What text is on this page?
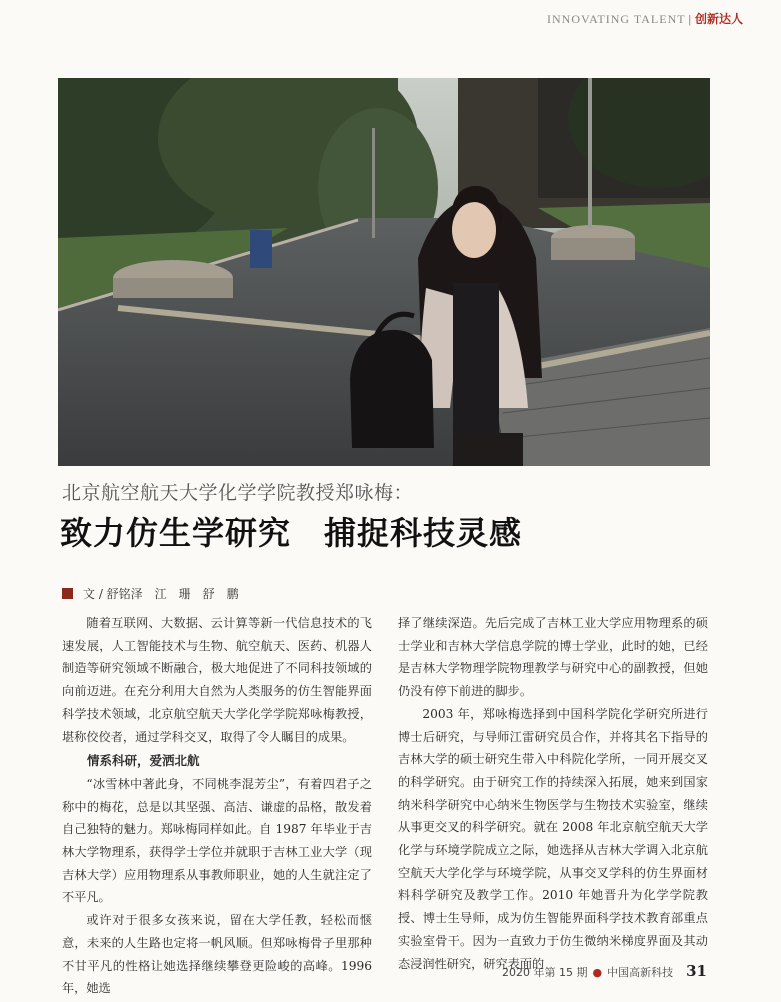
INNOVATING TALENT | 创新达人
北京航空航天大学化学学院教授郑咏梅：
致力仿生学研究　捕捉科技灵感
文 / 舒铭泽　江　珊　舒　鹏

随着互联网、大数据、云计算等新一代信息技术的飞速发展，人工智能技术与生物、航空航天、医药、机器人制造等研究领域不断融合，极大地促进了不同科技领域的向前迈进。在充分利用大自然为人类服务的仿生智能界面科学技术领域，北京航空航天大学化学学院郑咏梅教授，堪称佼佼者，通过学科交叉，取得了令人瞩目的成果。

情系科研，爱洒北航

“冰雪林中著此身，不同桃李混芳尘”，有着四君子之称中的梅花，总是以其坚强、高洁、谦虚的品格，散发着自己独特的魅力。郑咏梅同样如此。自 1987 年毕业于吉林大学物理系，获得学士学位并就职于吉林工业大学（现吉林大学）应用物理系从事教师职业，她的人生就注定了不平凡。

或许对于很多女孩来说，留在大学任教，轻松而惬意，未来的人生路也定将一帆风顺。但郑咏梅骨子里那种不甘平凡的性格让她选择继续攀登更险峻的高峰。1996 年，她选

择了继续深造。先后完成了吉林工业大学应用物理系的硕士学业和吉林大学信息学院的博士学业，此时的她，已经是吉林大学物理学院物理教学与研究中心的副教授，但她仍没有停下前进的脚步。

2003 年，郑咏梅选择到中国科学院化学研究所进行博士后研究，与导师江雷研究员合作，并将其名下指导的吉林大学的硕士研究生带入中科院化学所，一同开展交叉的科学研究。由于研究工作的持续深入拓展，她来到国家纳米科学研究中心纳米生物医学与生物技术实验室，继续从事更交叉的科学研究。就在 2008 年北京航空航天大学化学与环境学院成立之际，她选择从吉林大学调入北京航空航天大学化学与环境学院，从事交叉学科的仿生界面材料科学研究及教学工作。2010 年她晋升为化学学院教授、博士生导师，成为仿生智能界面科学技术教育部重点实验室骨干。因为一直致力于仿生微纳米梯度界面及其动态浸润性研究，研究表面的

2020 年第 15 期 ● 中国高新科技 31
